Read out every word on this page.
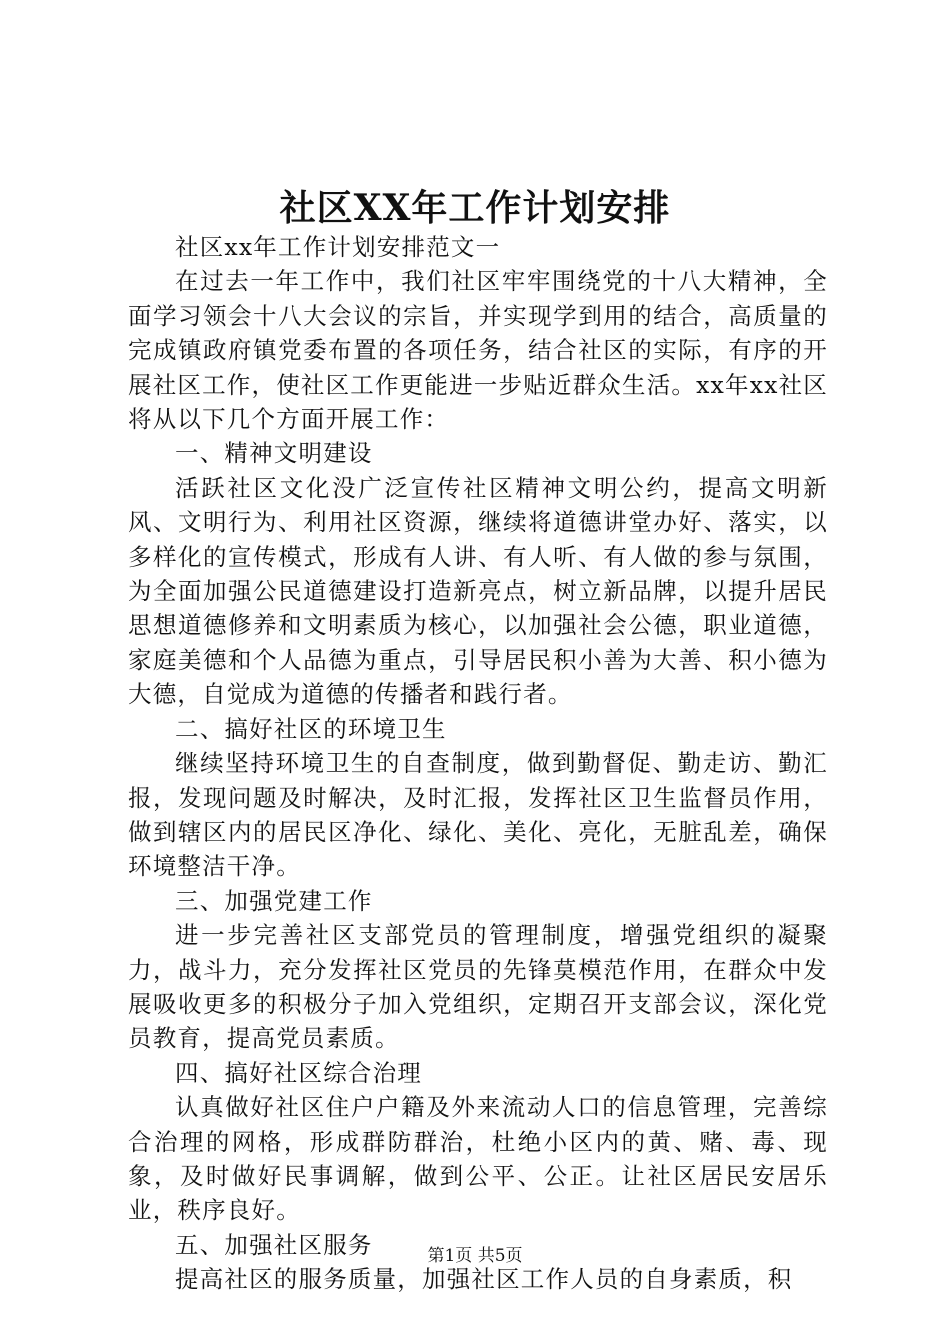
社区XX年工作计划安排

社区xx年工作计划安排范文一

在过去一年工作中，我们社区牢牢围绕党的十八大精神，全面学习领会十八大会议的宗旨，并实现学到用的结合，高质量的完成镇政府镇党委布置的各项任务，结合社区的实际，有序的开展社区工作，使社区工作更能进一步贴近群众生活。xx年xx社区将从以下几个方面开展工作：

一、精神文明建设

活跃社区文化没广泛宣传社区精神文明公约，提高文明新风、文明行为、利用社区资源，继续将道德讲堂办好、落实，以多样化的宣传模式，形成有人讲、有人听、有人做的参与氛围，为全面加强公民道德建设打造新亮点，树立新品牌，以提升居民思想道德修养和文明素质为核心，以加强社会公德，职业道德，家庭美德和个人品德为重点，引导居民积小善为大善、积小德为大德，自觉成为道德的传播者和践行者。

二、搞好社区的环境卫生

继续坚持环境卫生的自查制度，做到勤督促、勤走访、勤汇报，发现问题及时解决，及时汇报，发挥社区卫生监督员作用，做到辖区内的居民区净化、绿化、美化、亮化，无脏乱差，确保环境整洁干净。

三、加强党建工作

进一步完善社区支部党员的管理制度，增强党组织的凝聚力，战斗力，充分发挥社区党员的先锋莫模范作用，在群众中发展吸收更多的积极分子加入党组织，定期召开支部会议，深化党员教育，提高党员素质。

四、搞好社区综合治理

认真做好社区住户户籍及外来流动人口的信息管理，完善综合治理的网格，形成群防群治，杜绝小区内的黄、赌、毒、现象，及时做好民事调解，做到公平、公正。让社区居民安居乐业，秩序良好。

五、加强社区服务

提高社区的服务质量，加强社区工作人员的自身素质，积

第1页 共5页
